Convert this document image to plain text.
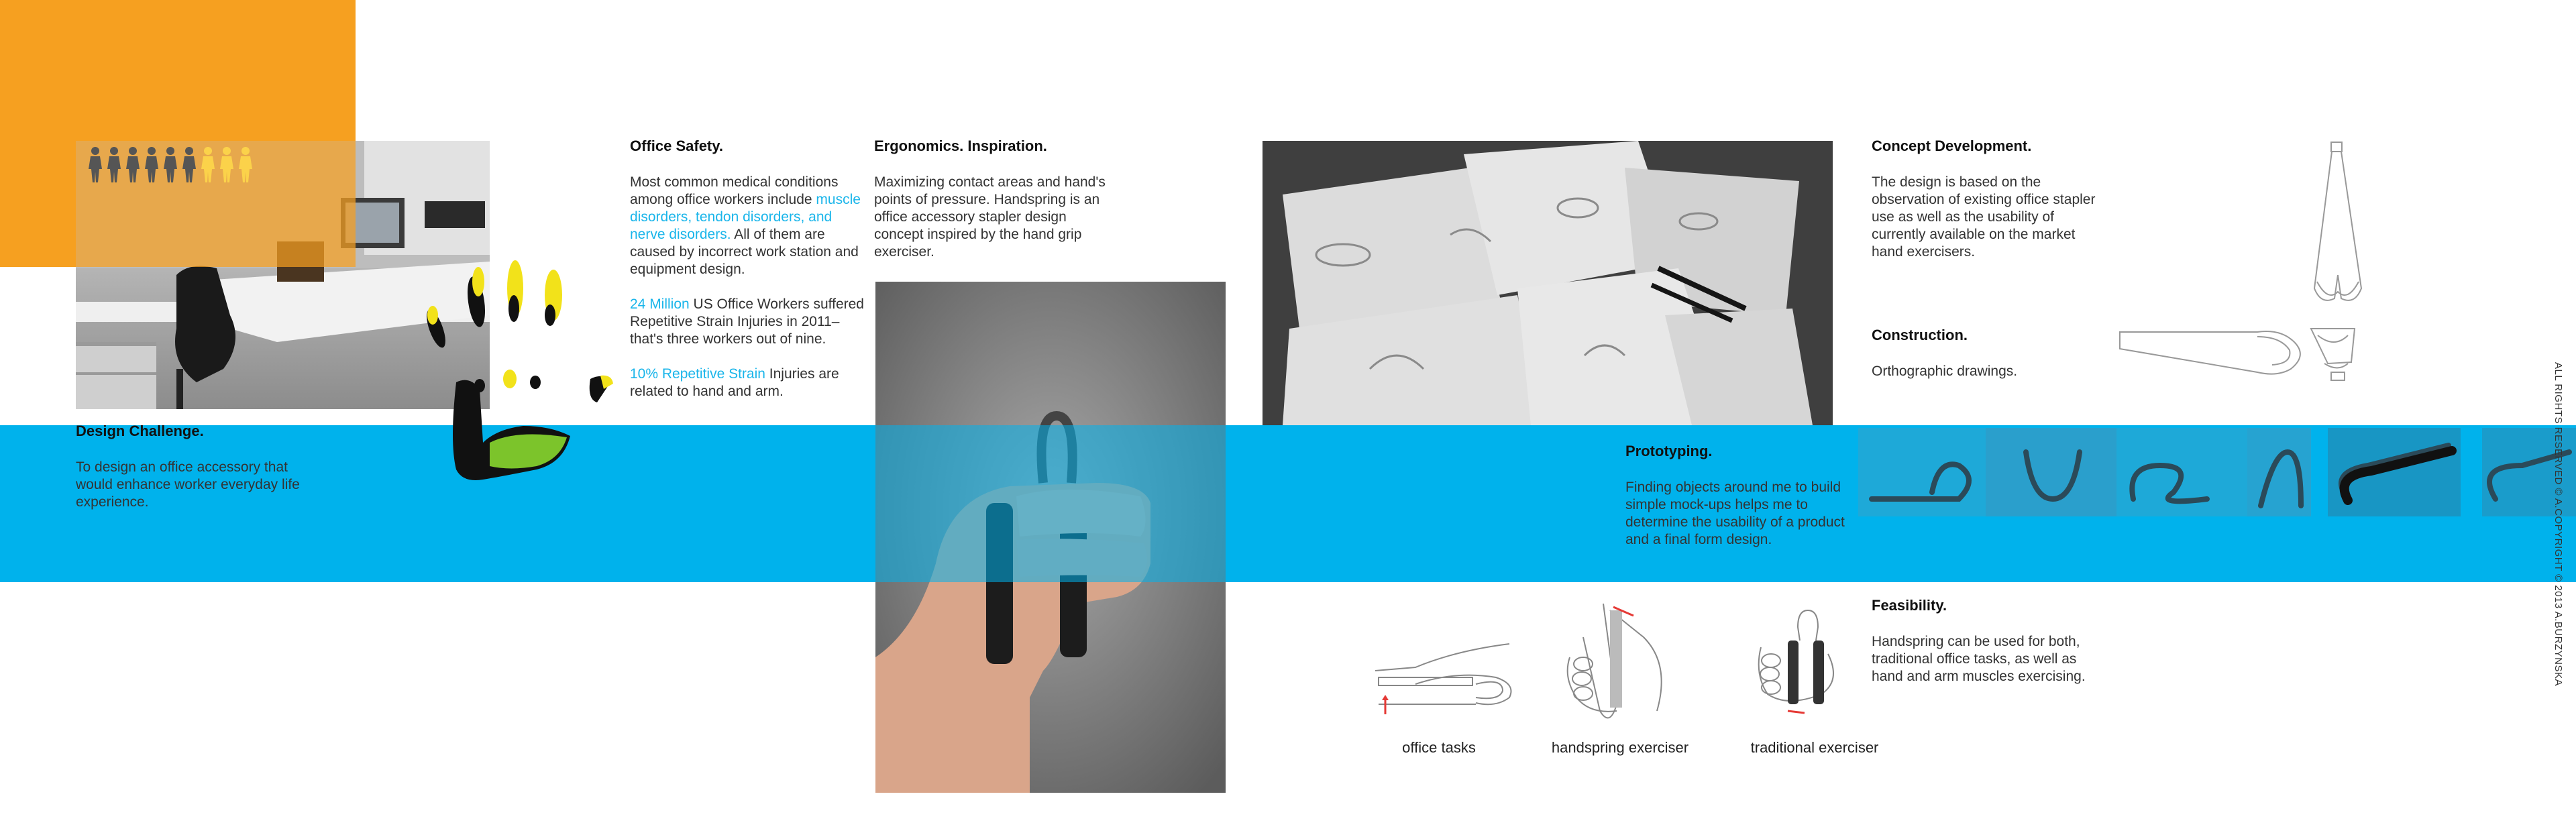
Design Challenge.
To design an office accessory that would enhance worker everyday life experience.
Office Safety.

Most common medical conditions among office workers include muscle disorders, tendon disorders, and nerve disorders. All of them are caused by incorrect work station and equipment design.

24 Million US Office Workers suffered Repetitive Strain Injuries in 2011– that's three workers out of nine.

10% Repetitive Strain Injuries are related to hand and arm.

Ergonomics. Inspiration.
Maximizing contact areas and hand's points of pressure. Handspring is an office accessory stapler design concept inspired by the hand grip exerciser.
Concept Development.
The design is based on the observation of existing office stapler use as well as the usability of currently available on the market hand exercisers.
Construction.
Orthographic drawings.
Prototyping.
Finding objects around me to build simple mock-ups helps me to determine the usability of a product and a final form design.
Feasibility.
Handspring can be used for both, traditional office tasks, as well as hand and arm muscles exercising.
office tasks	handspring exerciser	traditional exerciser
ALL RIGHTS RESERVED © A.COPYRIGHT © 2013 A.BURZYNSKA
